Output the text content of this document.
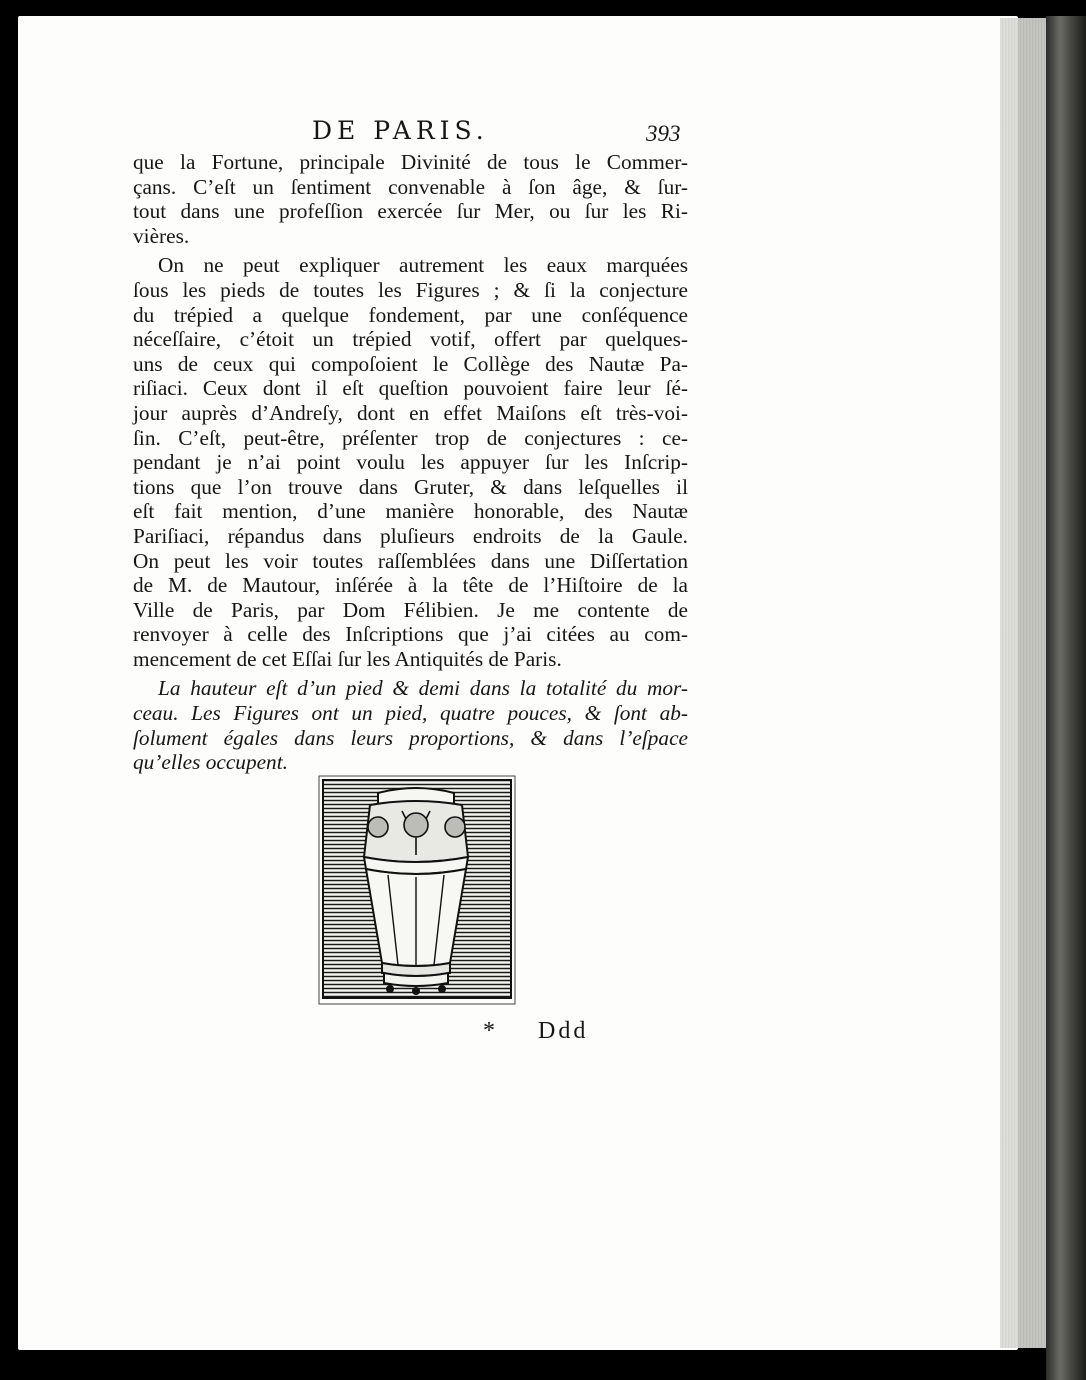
DE PARIS.	393
que la Fortune, principale Divinité de tous le Commer-
çans. C’eſt un ſentiment convenable à ſon âge, & ſur-
tout dans une profeſſion exercée ſur Mer, ou ſur les Ri-
vières.
On ne peut expliquer autrement les eaux marquées
ſous les pieds de toutes les Figures ; & ſi la conjecture
du trépied a quelque fondement, par une conſéquence
néceſſaire, c’étoit un trépied votif, offert par quelques-
uns de ceux qui compoſoient le Collège des Nautæ Pa-
riſiaci. Ceux dont il eſt queſtion pouvoient faire leur ſé-
jour auprès d’Andreſy, dont en effet Maiſons eſt très-voi-
ſin. C’eſt, peut-être, préſenter trop de conjectures : ce-
pendant je n’ai point voulu les appuyer ſur les Inſcrip-
tions que l’on trouve dans Gruter, & dans leſquelles il
eſt fait mention, d’une manière honorable, des Nautæ
Pariſiaci, répandus dans pluſieurs endroits de la Gaule.
On peut les voir toutes raſſemblées dans une Diſſertation
de M. de Mautour, inſérée à la tête de l’Hiſtoire de la
Ville de Paris, par Dom Félibien. Je me contente de
renvoyer à celle des Inſcriptions que j’ai citées au com-
mencement de cet Eſſai ſur les Antiquités de Paris.
La hauteur eſt d’un pied & demi dans la totalité du mor-
ceau. Les Figures ont un pied, quatre pouces, & ſont ab-
ſolument égales dans leurs proportions, & dans l’eſpace
qu’elles occupent.
* Ddd
